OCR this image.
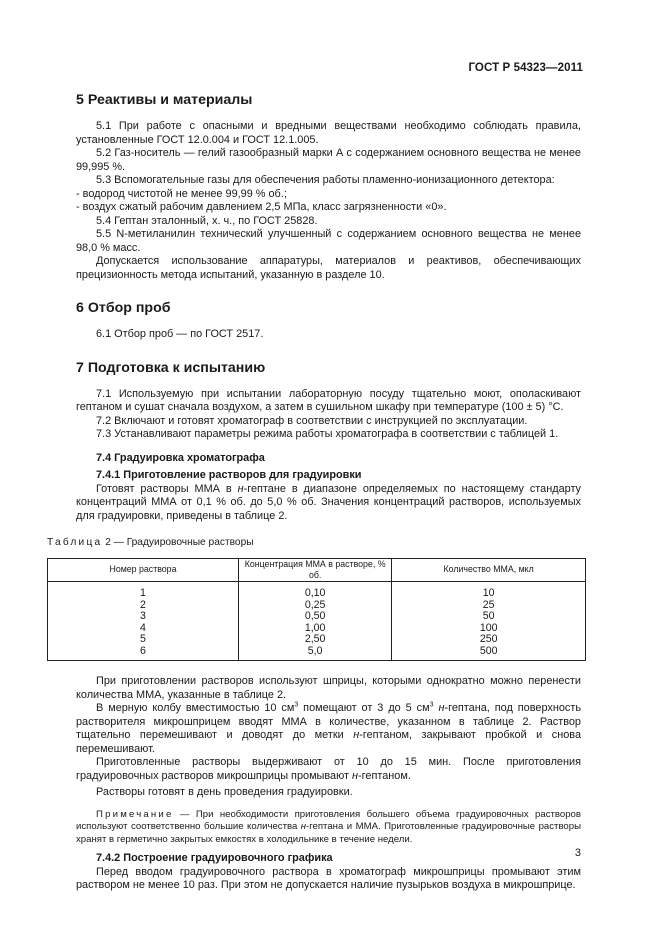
ГОСТ Р 54323—2011
5 Реактивы и материалы

5.1 При работе с опасными и вредными веществами необходимо соблюдать правила, установленные ГОСТ 12.0.004 и ГОСТ 12.1.005.

5.2 Газ-носитель — гелий газообразный марки А с содержанием основного вещества не менее 99,995 %.

5.3 Вспомогательные газы для обеспечения работы пламенно-ионизационного детектора:

- водород чистотой не менее 99,99 % об.;

- воздух сжатый рабочим давлением 2,5 МПа, класс загрязненности «0».

5.4 Гептан эталонный, х. ч., по ГОСТ 25828.

5.5 N-метиланилин технический улучшенный с содержанием основного вещества не менее 98,0 % масс.

Допускается использование аппаратуры, материалов и реактивов, обеспечивающих прецизионность метода испытаний, указанную в разделе 10.

6 Отбор проб

6.1 Отбор проб — по ГОСТ 2517.

7 Подготовка к испытанию

7.1 Используемую при испытании лабораторную посуду тщательно моют, ополаскивают гептаном и сушат сначала воздухом, а затем в сушильном шкафу при температуре (100 ± 5) °С.

7.2 Включают и готовят хроматограф в соответствии с инструкцией по эксплуатации.

7.3 Устанавливают параметры режима работы хроматографа в соответствии с таблицей 1.

7.4 Градуировка хроматографа

7.4.1 Приготовление растворов для градуировки

Готовят растворы ММА в н-гептане в диапазоне определяемых по настоящему стандарту концентраций ММА от 0,1 % об. до 5,0 % об. Значения концентраций растворов, используемых для градуировки, приведены в таблице 2.

Таблица 2 — Градуировочные растворы

Номер раствора	Концентрация ММА в растворе, % об.	Количество ММА, мкл
1	0,10	10
2	0,25	25
3	0,50	50
4	1,00	100
5	2,50	250
6	5,0	500

При приготовлении растворов используют шприцы, которыми однократно можно перенести количества ММА, указанные в таблице 2.

В мерную колбу вместимостью 10 $см^3$ помещают от 3 до 5 $см^3$ н-гептана, под поверхность растворителя микрошприцем вводят ММА в количестве, указанном в таблице 2. Раствор тщательно перемешивают и доводят до метки н-гептаном, закрывают пробкой и снова перемешивают.

Приготовленные растворы выдерживают от 10 до 15 мин. После приготовления градуировочных растворов микрошприцы промывают н-гептаном.

Растворы готовят в день проведения градуировки.

Примечание — При необходимости приготовления большего объема градуировочных растворов используют соответственно большие количества н-гептана и ММА. Приготовленные градуировочные растворы хранят в герметично закрытых емкостях в холодильнике в течение недели.

7.4.2 Построение градуировочного графика

Перед вводом градуировочного раствора в хроматограф микрошприцы промывают этим раствором не менее 10 раз. При этом не допускается наличие пузырьков воздуха в микрошприце.

3
